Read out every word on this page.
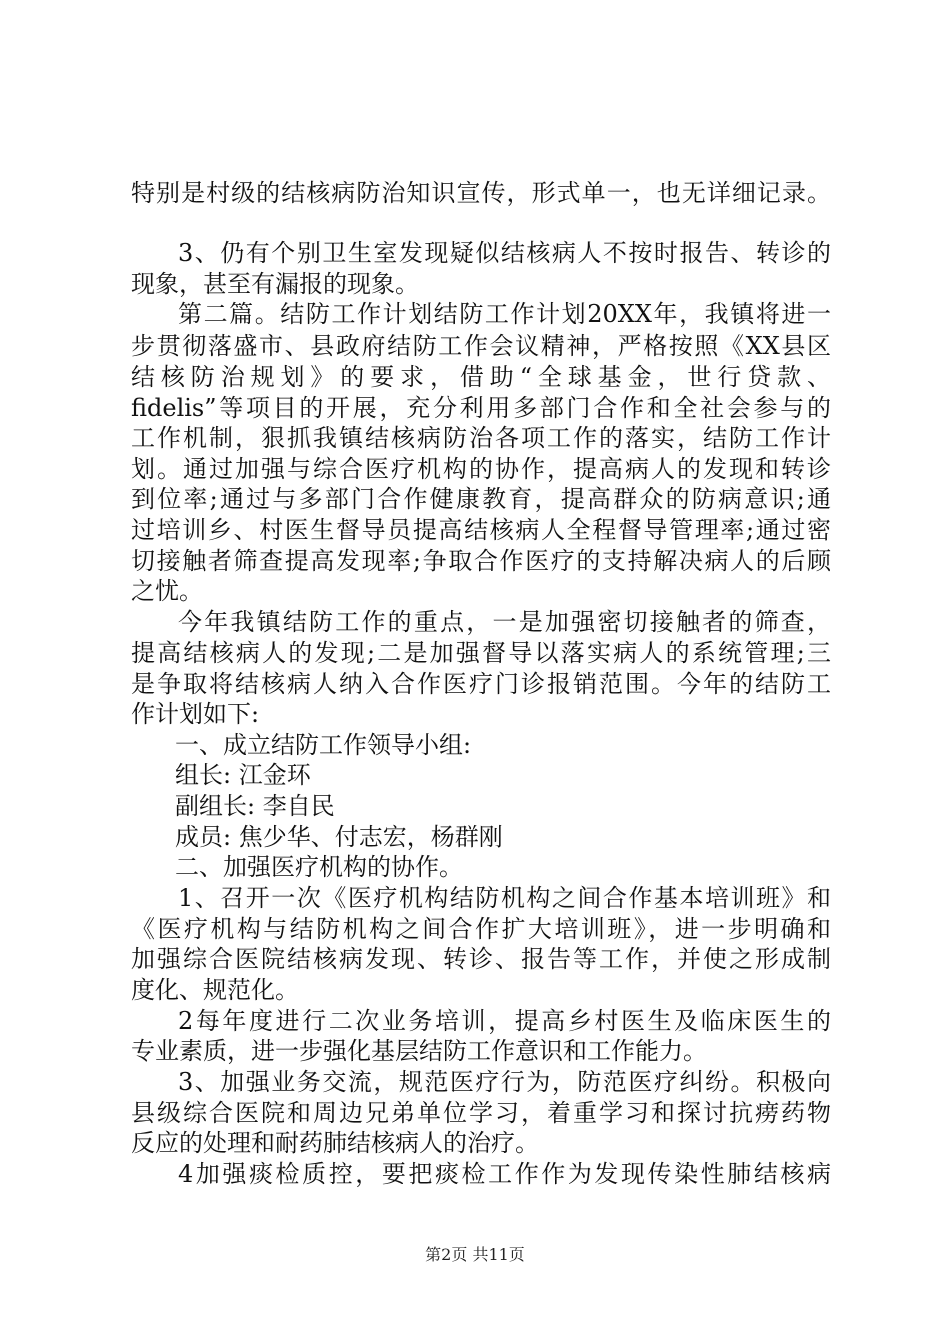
特别是村级的结核病防治知识宣传，形式单一，也无详细记录。
3、仍有个别卫生室发现疑似结核病人不按时报告、转诊的
现象，甚至有漏报的现象。
第二篇。结防工作计划结防工作计划20XX年，我镇将进一
步贯彻落盛市、县政府结防工作会议精神，严格按照《XX县区
结核防治规划》的要求，借助“全球基金，世行贷款、
fidelis”等项目的开展，充分利用多部门合作和全社会参与的
工作机制，狠抓我镇结核病防治各项工作的落实，结防工作计
划。通过加强与综合医疗机构的协作，提高病人的发现和转诊
到位率;通过与多部门合作健康教育，提高群众的防病意识;通
过培训乡、村医生督导员提高结核病人全程督导管理率;通过密
切接触者筛查提高发现率;争取合作医疗的支持解决病人的后顾
之忧。
今年我镇结防工作的重点，一是加强密切接触者的筛查，
提高结核病人的发现;二是加强督导以落实病人的系统管理;三
是争取将结核病人纳入合作医疗门诊报销范围。今年的结防工
作计划如下:
一、成立结防工作领导小组:
组长: 江金环
副组长: 李自民
成员: 焦少华、付志宏，杨群刚
二、加强医疗机构的协作。
1、召开一次《医疗机构结防机构之间合作基本培训班》和
《医疗机构与结防机构之间合作扩大培训班》，进一步明确和
加强综合医院结核病发现、转诊、报告等工作，并使之形成制
度化、规范化。
2每年度进行二次业务培训，提高乡村医生及临床医生的
专业素质，进一步强化基层结防工作意识和工作能力。
3、加强业务交流，规范医疗行为，防范医疗纠纷。积极向
县级综合医院和周边兄弟单位学习，着重学习和探讨抗痨药物
反应的处理和耐药肺结核病人的治疗。
4加强痰检质控，要把痰检工作作为发现传染性肺结核病
第2页 共11页
